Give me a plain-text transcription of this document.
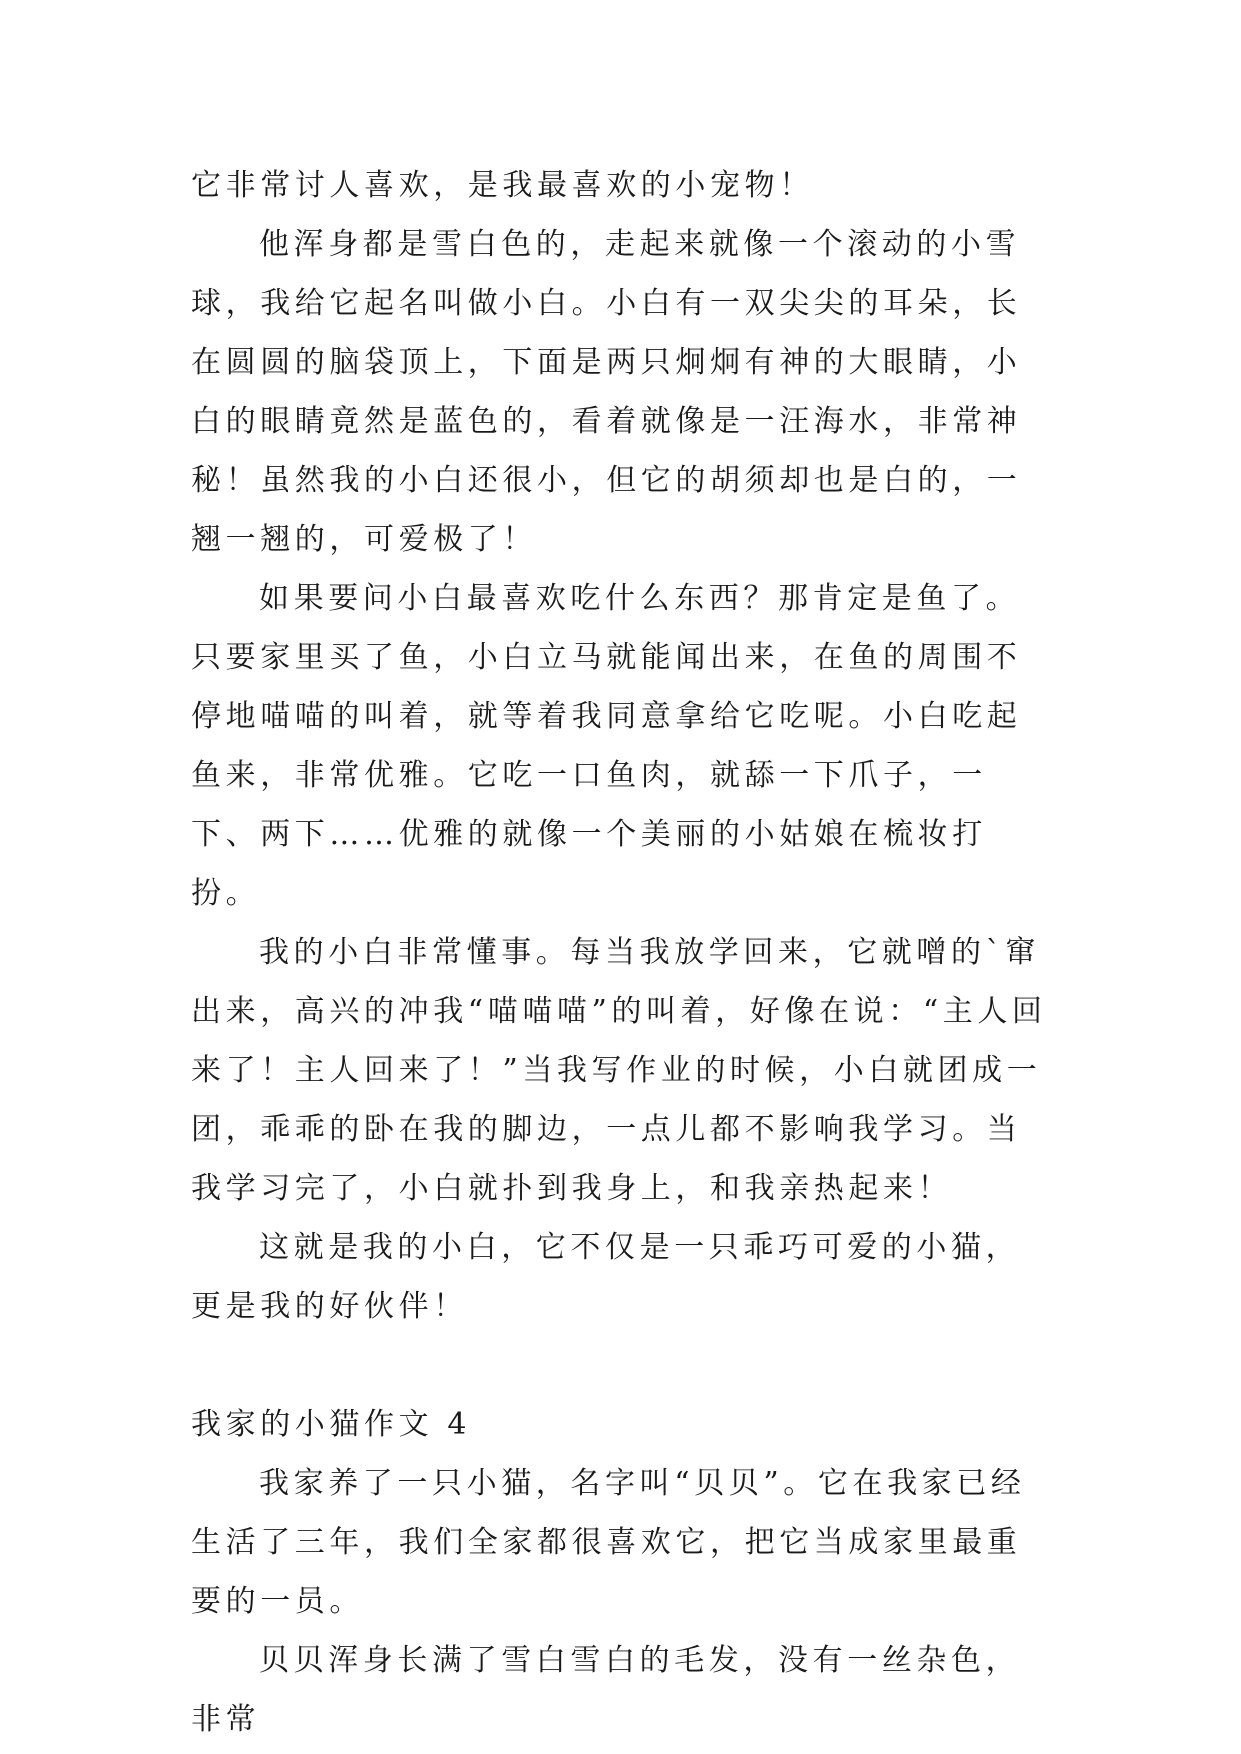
它非常讨人喜欢，是我最喜欢的小宠物！

他浑身都是雪白色的，走起来就像一个滚动的小雪球，我给它起名叫做小白。小白有一双尖尖的耳朵，长在圆圆的脑袋顶上，下面是两只炯炯有神的大眼睛，小白的眼睛竟然是蓝色的，看着就像是一汪海水，非常神秘！虽然我的小白还很小，但它的胡须却也是白的，一翘一翘的，可爱极了！

如果要问小白最喜欢吃什么东西？那肯定是鱼了。只要家里买了鱼，小白立马就能闻出来，在鱼的周围不停地喵喵的叫着，就等着我同意拿给它吃呢。小白吃起鱼来，非常优雅。它吃一口鱼肉，就舔一下爪子，一下、两下……优雅的就像一个美丽的小姑娘在梳妆打扮。

我的小白非常懂事。每当我放学回来，它就噌的`窜出来，高兴的冲我“喵喵喵”的叫着，好像在说：“主人回来了！主人回来了！”当我写作业的时候，小白就团成一团，乖乖的卧在我的脚边，一点儿都不影响我学习。当我学习完了，小白就扑到我身上，和我亲热起来！

这就是我的小白，它不仅是一只乖巧可爱的小猫，更是我的好伙伴！

我家的小猫作文 4

我家养了一只小猫，名字叫“贝贝”。它在我家已经生活了三年，我们全家都很喜欢它，把它当成家里最重要的一员。

贝贝浑身长满了雪白雪白的毛发，没有一丝杂色，非常
